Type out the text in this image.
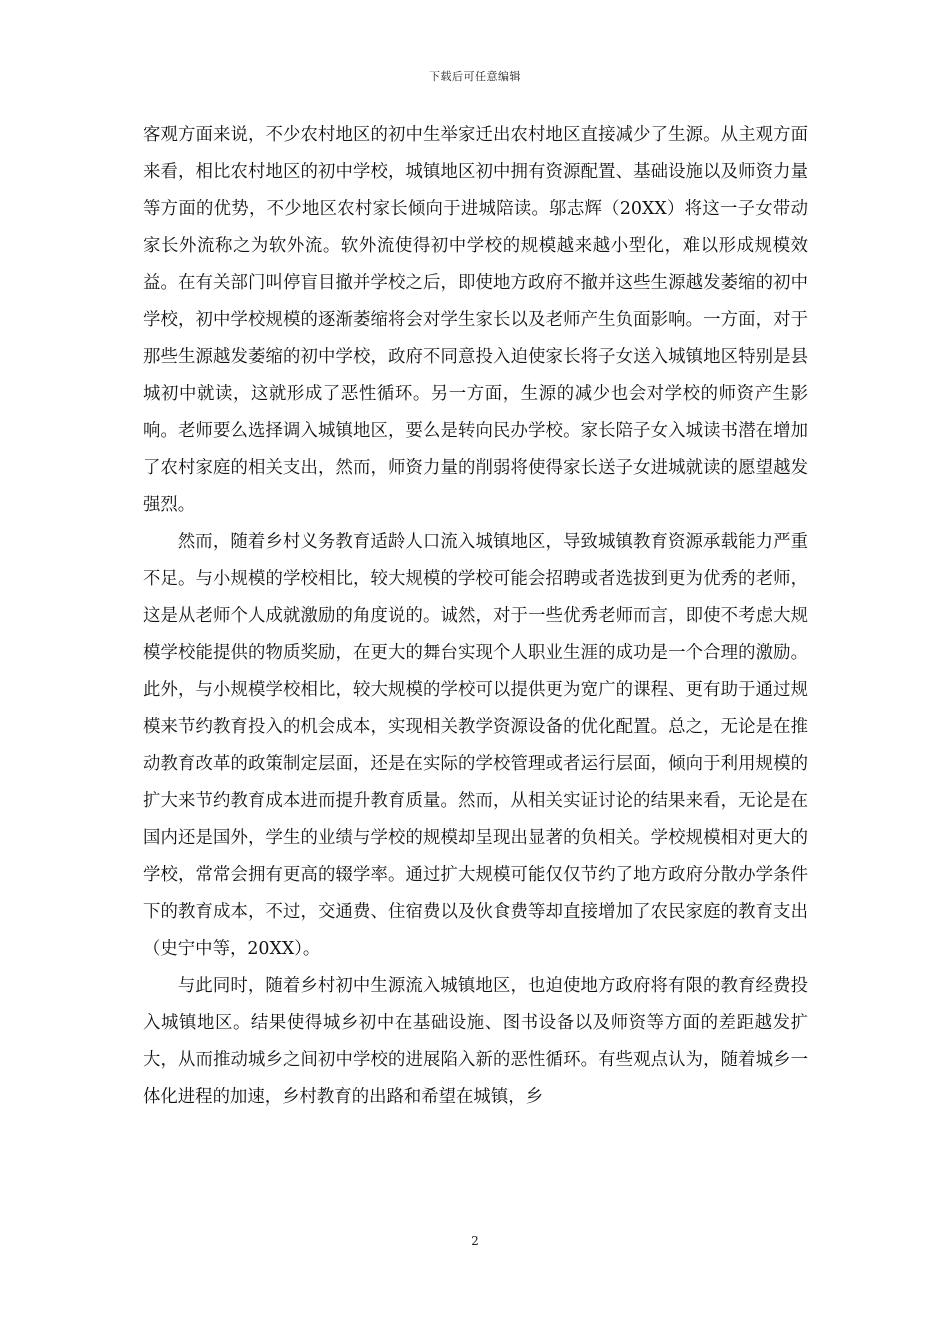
下载后可任意编辑

客观方面来说，不少农村地区的初中生举家迁出农村地区直接减少了生源。从主观方面来看，相比农村地区的初中学校，城镇地区初中拥有资源配置、基础设施以及师资力量等方面的优势，不少地区农村家长倾向于进城陪读。邬志辉（20XX）将这一子女带动家长外流称之为软外流。软外流使得初中学校的规模越来越小型化，难以形成规模效益。在有关部门叫停盲目撤并学校之后，即使地方政府不撤并这些生源越发萎缩的初中学校，初中学校规模的逐渐萎缩将会对学生家长以及老师产生负面影响。一方面，对于那些生源越发萎缩的初中学校，政府不同意投入迫使家长将子女送入城镇地区特别是县城初中就读，这就形成了恶性循环。另一方面，生源的减少也会对学校的师资产生影响。老师要么选择调入城镇地区，要么是转向民办学校。家长陪子女入城读书潜在增加了农村家庭的相关支出，然而，师资力量的削弱将使得家长送子女进城就读的愿望越发强烈。

然而，随着乡村义务教育适龄人口流入城镇地区，导致城镇教育资源承载能力严重不足。与小规模的学校相比，较大规模的学校可能会招聘或者选拔到更为优秀的老师，这是从老师个人成就激励的角度说的。诚然，对于一些优秀老师而言，即使不考虑大规模学校能提供的物质奖励，在更大的舞台实现个人职业生涯的成功是一个合理的激励。此外，与小规模学校相比，较大规模的学校可以提供更为宽广的课程、更有助于通过规模来节约教育投入的机会成本，实现相关教学资源设备的优化配置。总之，无论是在推动教育改革的政策制定层面，还是在实际的学校管理或者运行层面，倾向于利用规模的扩大来节约教育成本进而提升教育质量。然而，从相关实证讨论的结果来看，无论是在国内还是国外，学生的业绩与学校的规模却呈现出显著的负相关。学校规模相对更大的学校，常常会拥有更高的辍学率。通过扩大规模可能仅仅节约了地方政府分散办学条件下的教育成本，不过，交通费、住宿费以及伙食费等却直接增加了农民家庭的教育支出（史宁中等，20XX）。

与此同时，随着乡村初中生源流入城镇地区，也迫使地方政府将有限的教育经费投入城镇地区。结果使得城乡初中在基础设施、图书设备以及师资等方面的差距越发扩大，从而推动城乡之间初中学校的进展陷入新的恶性循环。有些观点认为，随着城乡一体化进程的加速，乡村教育的出路和希望在城镇，乡

2
